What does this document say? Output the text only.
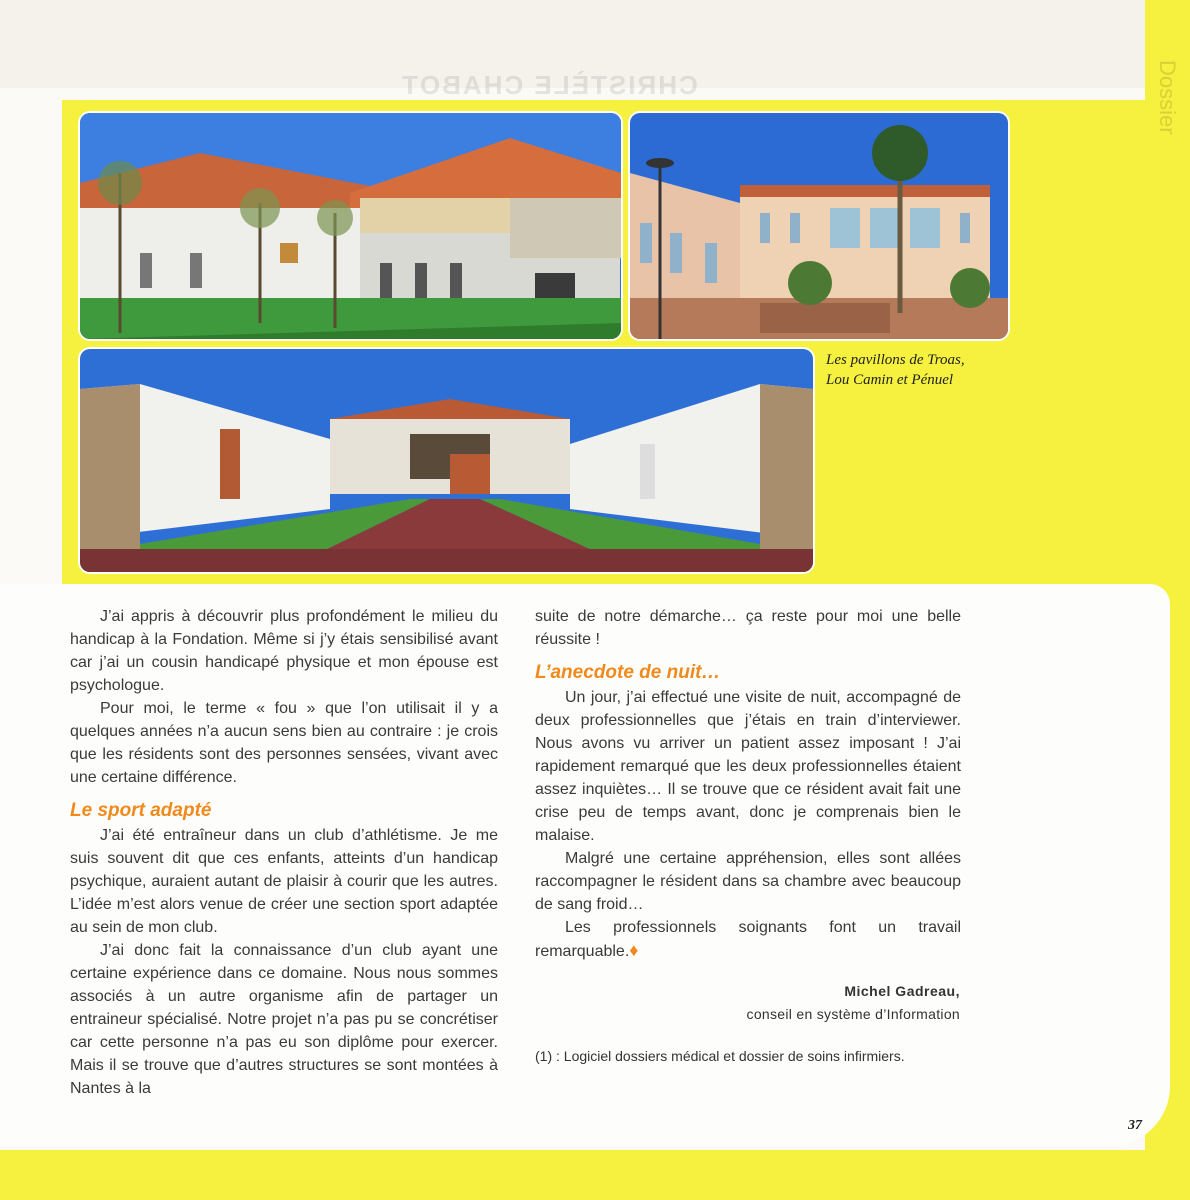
CHRISTÈLE CHABOT	Dossier
Les pavillons de Troas,
Lou Camin et Pénuel

J’ai appris à découvrir plus profondément le milieu du handicap à la Fondation. Même si j’y étais sensibilisé avant car j’ai un cousin handicapé physique et mon épouse est psychologue.

Pour moi, le terme « fou » que l’on utilisait il y a quelques années n’a aucun sens bien au contraire : je crois que les résidents sont des personnes sensées, vivant avec une certaine différence.

Le sport adapté

J’ai été entraîneur dans un club d’athlétisme. Je me suis souvent dit que ces enfants, atteints d’un handicap psychique, auraient autant de plaisir à courir que les autres. L’idée m’est alors venue de créer une section sport adaptée au sein de mon club.

J’ai donc fait la connaissance d’un club ayant une certaine expérience dans ce domaine. Nous nous sommes associés à un autre organisme afin de partager un entraineur spécialisé. Notre projet n’a pas pu se concrétiser car cette personne n’a pas eu son diplôme pour exercer. Mais il se trouve que d’autres structures se sont montées à Nantes à la

suite de notre démarche… ça reste pour moi une belle réussite !

L’anecdote de nuit…

Un jour, j’ai effectué une visite de nuit, accompagné de deux professionnelles que j’étais en train d’interviewer. Nous avons vu arriver un patient assez imposant ! J’ai rapidement remarqué que les deux professionnelles étaient assez inquiètes… Il se trouve que ce résident avait fait une crise peu de temps avant, donc je comprenais bien le malaise.

Malgré une certaine appréhension, elles sont allées raccompagner le résident dans sa chambre avec beaucoup de sang froid…

Les professionnels soignants font un travail remarquable.♦

Michel Gadreau,
conseil en système d’Information
(1) : Logiciel dossiers médical et dossier de soins infirmiers.
37
